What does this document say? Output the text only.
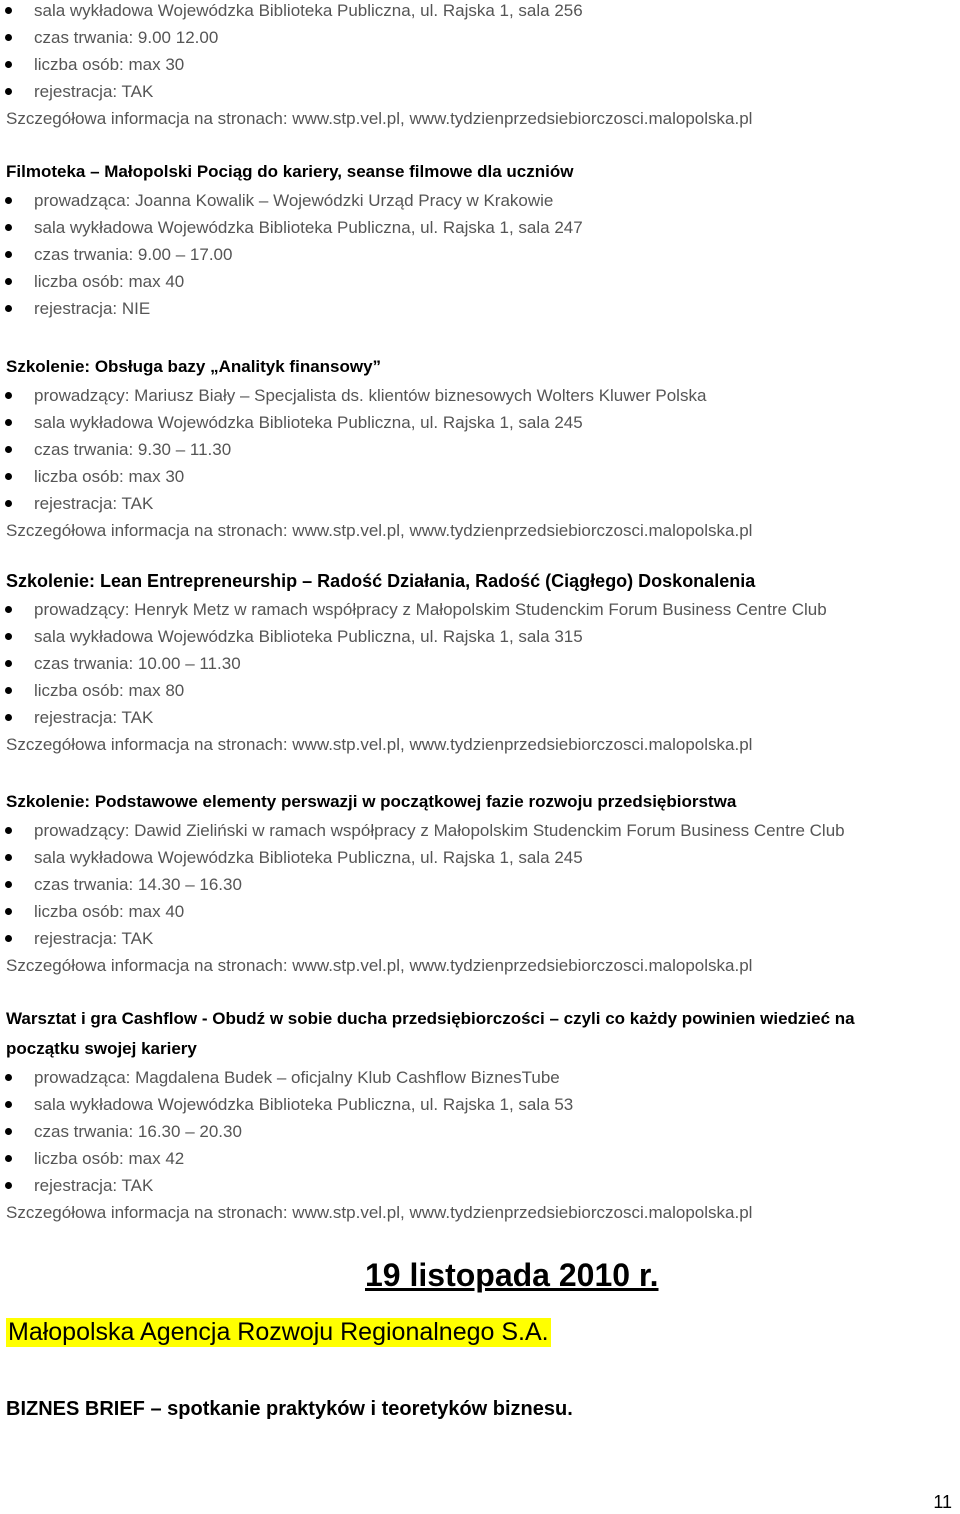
sala wykładowa Wojewódzka Biblioteka Publiczna, ul. Rajska 1, sala 256
czas trwania: 9.00 12.00
liczba osób: max 30
rejestracja: TAK
Szczegółowa informacja na stronach: www.stp.vel.pl, www.tydzienprzedsiebiorczosci.malopolska.pl
Filmoteka – Małopolski Pociąg do kariery, seanse filmowe dla uczniów
prowadząca: Joanna Kowalik – Wojewódzki Urząd Pracy w Krakowie
sala wykładowa Wojewódzka Biblioteka Publiczna, ul. Rajska 1, sala 247
czas trwania: 9.00 – 17.00
liczba osób: max 40
rejestracja: NIE
Szkolenie: Obsługa bazy „Analityk finansowy”
prowadzący: Mariusz Biały – Specjalista ds. klientów biznesowych Wolters Kluwer Polska
sala wykładowa Wojewódzka Biblioteka Publiczna, ul. Rajska 1, sala 245
czas trwania: 9.30 – 11.30
liczba osób: max 30
rejestracja: TAK
Szczegółowa informacja na stronach: www.stp.vel.pl, www.tydzienprzedsiebiorczosci.malopolska.pl
Szkolenie: Lean Entrepreneurship – Radość Działania, Radość (Ciągłego) Doskonalenia
prowadzący: Henryk Metz w ramach współpracy z Małopolskim Studenckim Forum Business Centre Club
sala wykładowa Wojewódzka Biblioteka Publiczna, ul. Rajska 1, sala 315
czas trwania: 10.00 – 11.30
liczba osób: max 80
rejestracja: TAK
Szczegółowa informacja na stronach: www.stp.vel.pl, www.tydzienprzedsiebiorczosci.malopolska.pl
Szkolenie: Podstawowe elementy perswazji w początkowej fazie rozwoju przedsiębiorstwa
prowadzący: Dawid Zieliński w ramach współpracy z Małopolskim Studenckim Forum Business Centre Club
sala wykładowa Wojewódzka Biblioteka Publiczna, ul. Rajska 1, sala 245
czas trwania: 14.30 – 16.30
liczba osób: max 40
rejestracja: TAK
Szczegółowa informacja na stronach: www.stp.vel.pl, www.tydzienprzedsiebiorczosci.malopolska.pl
Warsztat i gra Cashflow - Obudź w sobie ducha przedsiębiorczości – czyli co każdy powinien wiedzieć na
początku swojej kariery
prowadząca: Magdalena Budek – oficjalny Klub Cashflow BiznesTube
sala wykładowa Wojewódzka Biblioteka Publiczna, ul. Rajska 1, sala 53
czas trwania: 16.30 – 20.30
liczba osób: max 42
rejestracja: TAK
Szczegółowa informacja na stronach: www.stp.vel.pl, www.tydzienprzedsiebiorczosci.malopolska.pl
19 listopada 2010 r.
Małopolska Agencja Rozwoju Regionalnego S.A.
BIZNES BRIEF – spotkanie praktyków i teoretyków biznesu.
11
